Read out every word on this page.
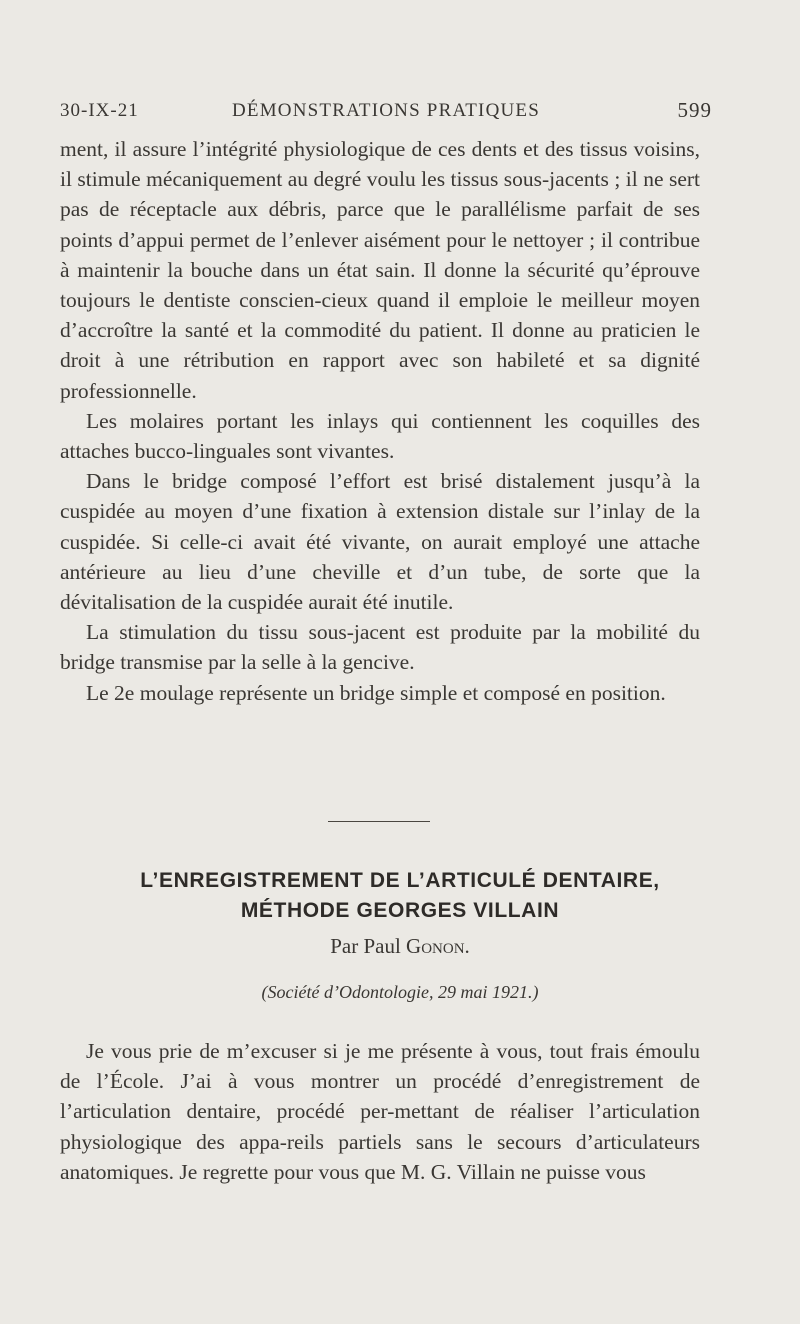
30-IX-21	DÉMONSTRATIONS PRATIQUES	599

ment, il assure l’intégrité physiologique de ces dents et des tissus voisins, il stimule mécaniquement au degré voulu les tissus sous-jacents ; il ne sert pas de réceptacle aux débris, parce que le parallélisme parfait de ses points d’appui permet de l’enlever aisément pour le nettoyer ; il contribue à maintenir la bouche dans un état sain. Il donne la sécurité qu’éprouve toujours le dentiste conscien-cieux quand il emploie le meilleur moyen d’accroître la santé et la commodité du patient. Il donne au praticien le droit à une rétribution en rapport avec son habileté et sa dignité professionnelle.

Les molaires portant les inlays qui contiennent les coquilles des attaches bucco-linguales sont vivantes.

Dans le bridge composé l’effort est brisé distalement jusqu’à la cuspidée au moyen d’une fixation à extension distale sur l’inlay de la cuspidée. Si celle-ci avait été vivante, on aurait employé une attache antérieure au lieu d’une cheville et d’un tube, de sorte que la dévitalisation de la cuspidée aurait été inutile.

La stimulation du tissu sous-jacent est produite par la mobilité du bridge transmise par la selle à la gencive.

Le 2e moulage représente un bridge simple et composé en position.

L’ENREGISTREMENT DE L’ARTICULÉ DENTAIRE,
MÉTHODE GEORGES VILLAIN
Par Paul Gonon.
(Société d’Odontologie, 29 mai 1921.)

Je vous prie de m’excuser si je me présente à vous, tout frais émoulu de l’École. J’ai à vous montrer un procédé d’enregistrement de l’articulation dentaire, procédé per-mettant de réaliser l’articulation physiologique des appa-reils partiels sans le secours d’articulateurs anatomiques. Je regrette pour vous que M. G. Villain ne puisse vous
